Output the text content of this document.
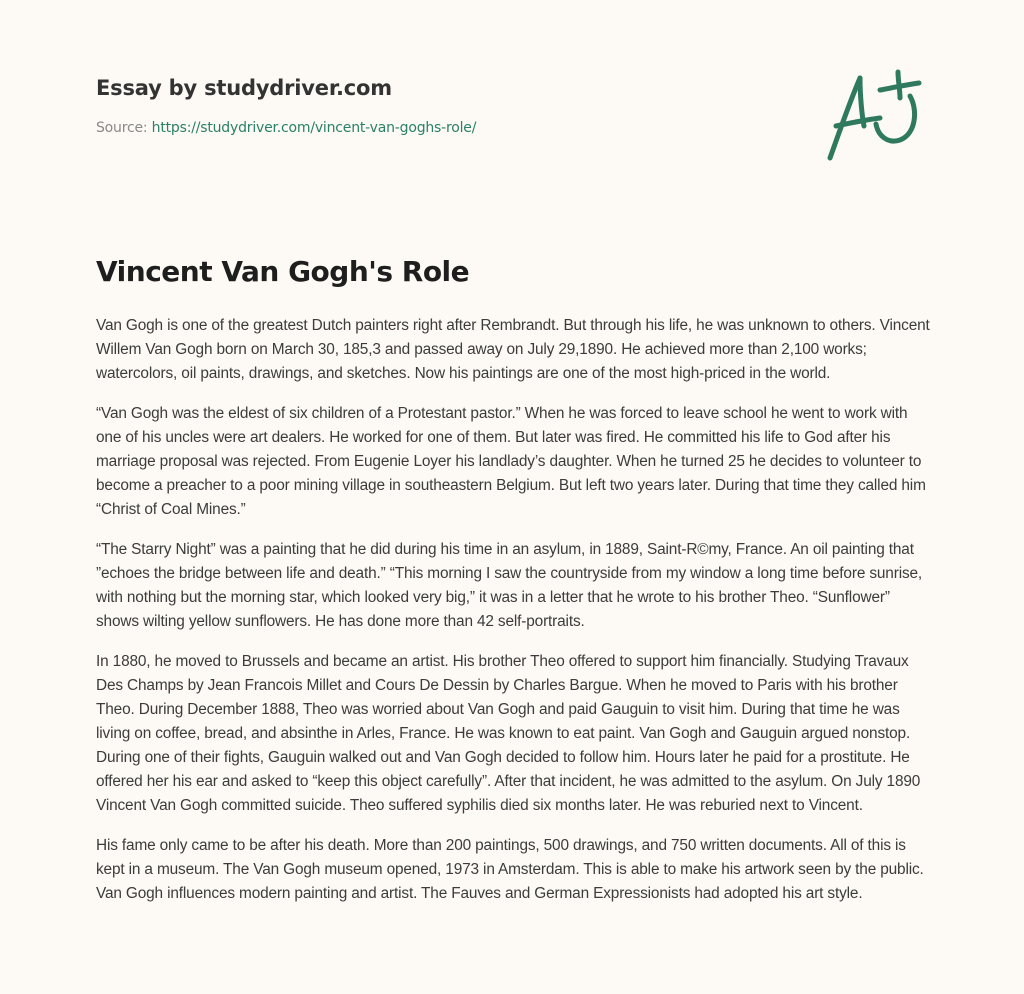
Essay by studydriver.com
Source: https://studydriver.com/vincent-van-goghs-role/
Vincent Van Gogh's Role

Van Gogh is one of the greatest Dutch painters right after Rembrandt. But through his life, he was unknown to others. Vincent Willem Van Gogh born on March 30, 185,3 and passed away on July 29,1890. He achieved more than 2,100 works; watercolors, oil paints, drawings, and sketches. Now his paintings are one of the most high-priced in the world.

“Van Gogh was the eldest of six children of a Protestant pastor.” When he was forced to leave school he went to work with one of his uncles were art dealers. He worked for one of them. But later was fired. He committed his life to God after his marriage proposal was rejected. From Eugenie Loyer his landlady’s daughter. When he turned 25 he decides to volunteer to become a preacher to a poor mining village in southeastern Belgium. But left two years later. During that time they called him “Christ of Coal Mines.”

“The Starry Night” was a painting that he did during his time in an asylum, in 1889, Saint-R©my, France. An oil painting that ”echoes the bridge between life and death.” “This morning I saw the countryside from my window a long time before sunrise, with nothing but the morning star, which looked very big,” it was in a letter that he wrote to his brother Theo. “Sunflower” shows wilting yellow sunflowers. He has done more than 42 self-portraits.

In 1880, he moved to Brussels and became an artist. His brother Theo offered to support him financially. Studying Travaux Des Champs by Jean Francois Millet and Cours De Dessin by Charles Bargue. When he moved to Paris with his brother Theo. During December 1888, Theo was worried about Van Gogh and paid Gauguin to visit him. During that time he was living on coffee, bread, and absinthe in Arles, France. He was known to eat paint. Van Gogh and Gauguin argued nonstop. During one of their fights, Gauguin walked out and Van Gogh decided to follow him. Hours later he paid for a prostitute. He offered her his ear and asked to “keep this object carefully”. After that incident, he was admitted to the asylum. On July 1890 Vincent Van Gogh committed suicide. Theo suffered syphilis died six months later. He was reburied next to Vincent.

His fame only came to be after his death. More than 200 paintings, 500 drawings, and 750 written documents. All of this is kept in a museum. The Van Gogh museum opened, 1973 in Amsterdam. This is able to make his artwork seen by the public. Van Gogh influences modern painting and artist. The Fauves and German Expressionists had adopted his art style.
